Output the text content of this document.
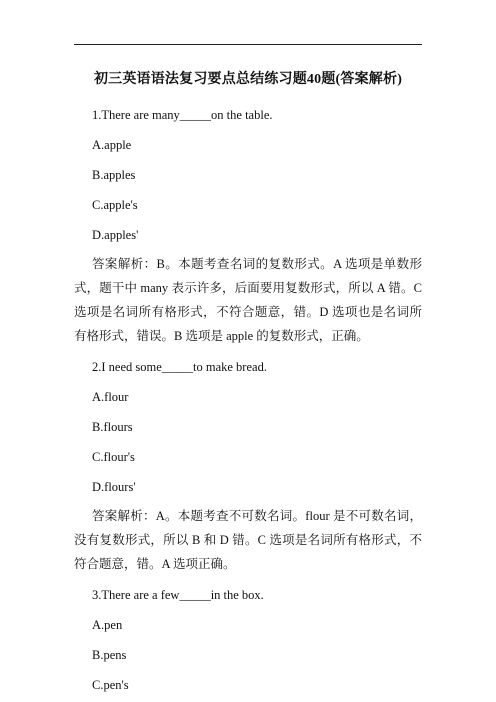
初三英语语法复习要点总结练习题40题(答案解析)
1.There are many_____on the table.
A.apple
B.apples
C.apple's
D.apples'
答案解析：B。本题考查名词的复数形式。A 选项是单数形式，题干中 many 表示许多，后面要用复数形式，所以 A 错。C 选项是名词所有格形式，不符合题意，错。D 选项也是名词所有格形式，错误。B 选项是 apple 的复数形式，正确。
2.I need some_____to make bread.
A.flour
B.flours
C.flour's
D.flours'
答案解析：A。本题考查不可数名词。flour 是不可数名词，没有复数形式，所以 B 和 D 错。C 选项是名词所有格形式，不符合题意，错。A 选项正确。
3.There are a few_____in the box.
A.pen
B.pens
C.pen's
